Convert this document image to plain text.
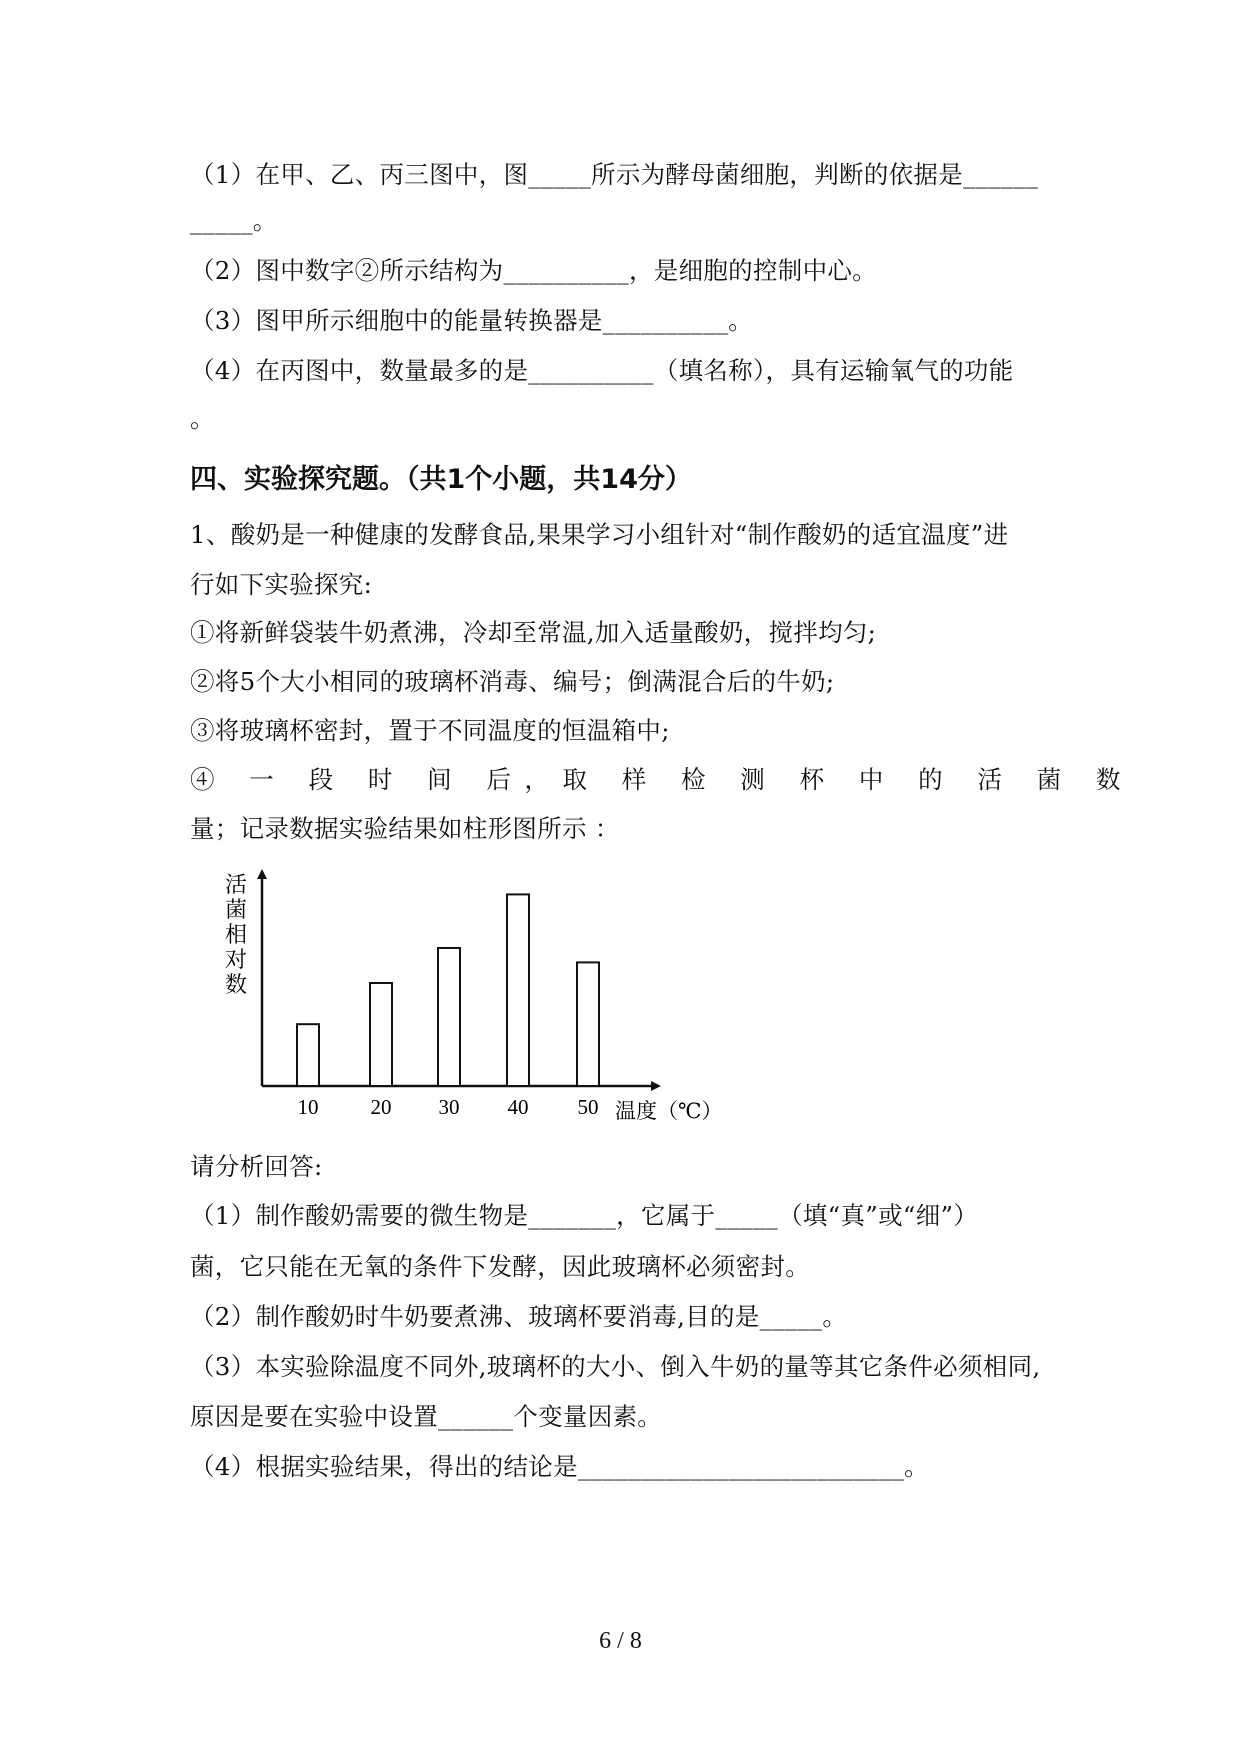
（1）在甲、乙、丙三图中，图_____所示为酵母菌细胞，判断的依据是______
_____。
（2）图中数字②所示结构为__________，是细胞的控制中心。
（3）图甲所示细胞中的能量转换器是__________。
（4）在丙图中，数量最多的是__________（填名称），具有运输氧气的功能
。
四、实验探究题。（共1个小题，共14分）
1、酸奶是一种健康的发酵食品,果果学习小组针对“制作酸奶的适宜温度”进
行如下实验探究:
①将新鲜袋装牛奶煮沸，冷却至常温,加入适量酸奶，搅拌均匀;
②将5个大小相同的玻璃杯消毒、编号；倒满混合后的牛奶;
③将玻璃杯密封，置于不同温度的恒温箱中;
④ 一 段 时 间 后，取 样 检 测 杯 中 的 活 菌 数
量；记录数据实验结果如柱形图所示 ：
活
菌
相
对
数
10 20 30 40 50 温度（℃）
请分析回答:
（1）制作酸奶需要的微生物是_______，它属于_____（填“真”或“细”）
菌，它只能在无氧的条件下发酵，因此玻璃杯必须密封。
（2）制作酸奶时牛奶要煮沸、玻璃杯要消毒,目的是_____。
（3）本实验除温度不同外,玻璃杯的大小、倒入牛奶的量等其它条件必须相同,
原因是要在实验中设置______个变量因素。
（4）根据实验结果，得出的结论是__________________________。
6 / 8
